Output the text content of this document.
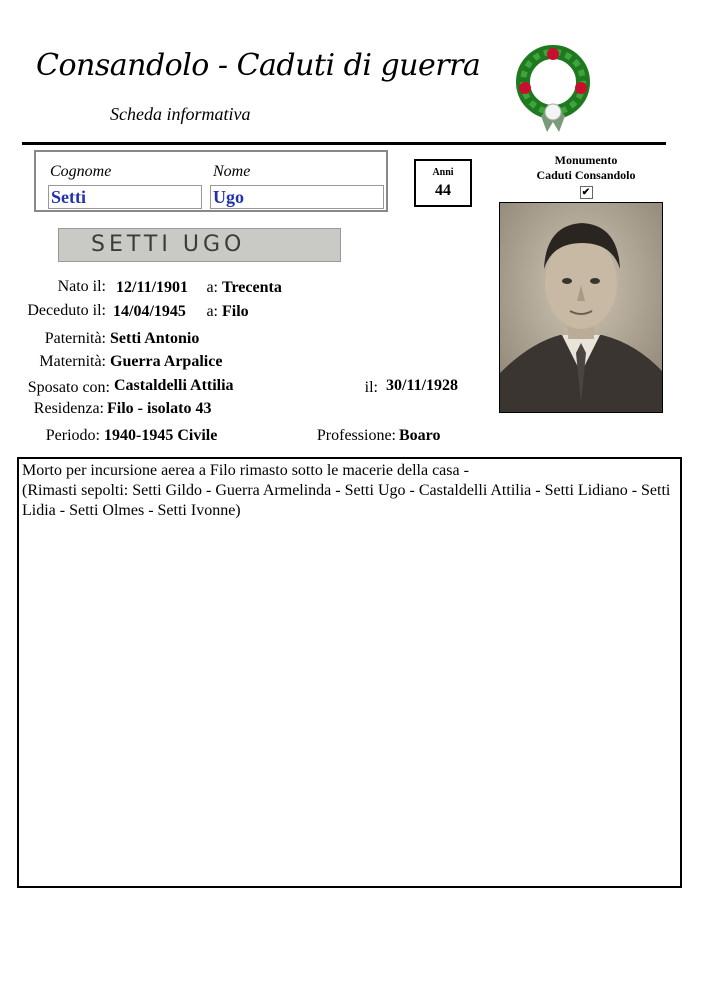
Consandolo - Caduti di guerra
Scheda informativa
Cognome	Nome
Setti	Ugo
Anni
44
Monumento
Caduti Consandolo
✔
SETTI UGO
Nato il: 12/11/1901	a: Trecenta
Deceduto il: 14/04/1945	a: Filo
Paternità: Setti Antonio
Maternità: Guerra Arpalice
Sposato con: Castaldelli Attilia	il: 30/11/1928
Residenza: Filo - isolato 43
Periodo: 1940-1945 Civile	Professione: Boaro
Morto per incursione aerea a Filo rimasto sotto le macerie della casa -
(Rimasti sepolti: Setti Gildo - Guerra Armelinda - Setti Ugo - Castaldelli Attilia - Setti Lidiano - Setti Lidia - Setti Olmes - Setti Ivonne)
